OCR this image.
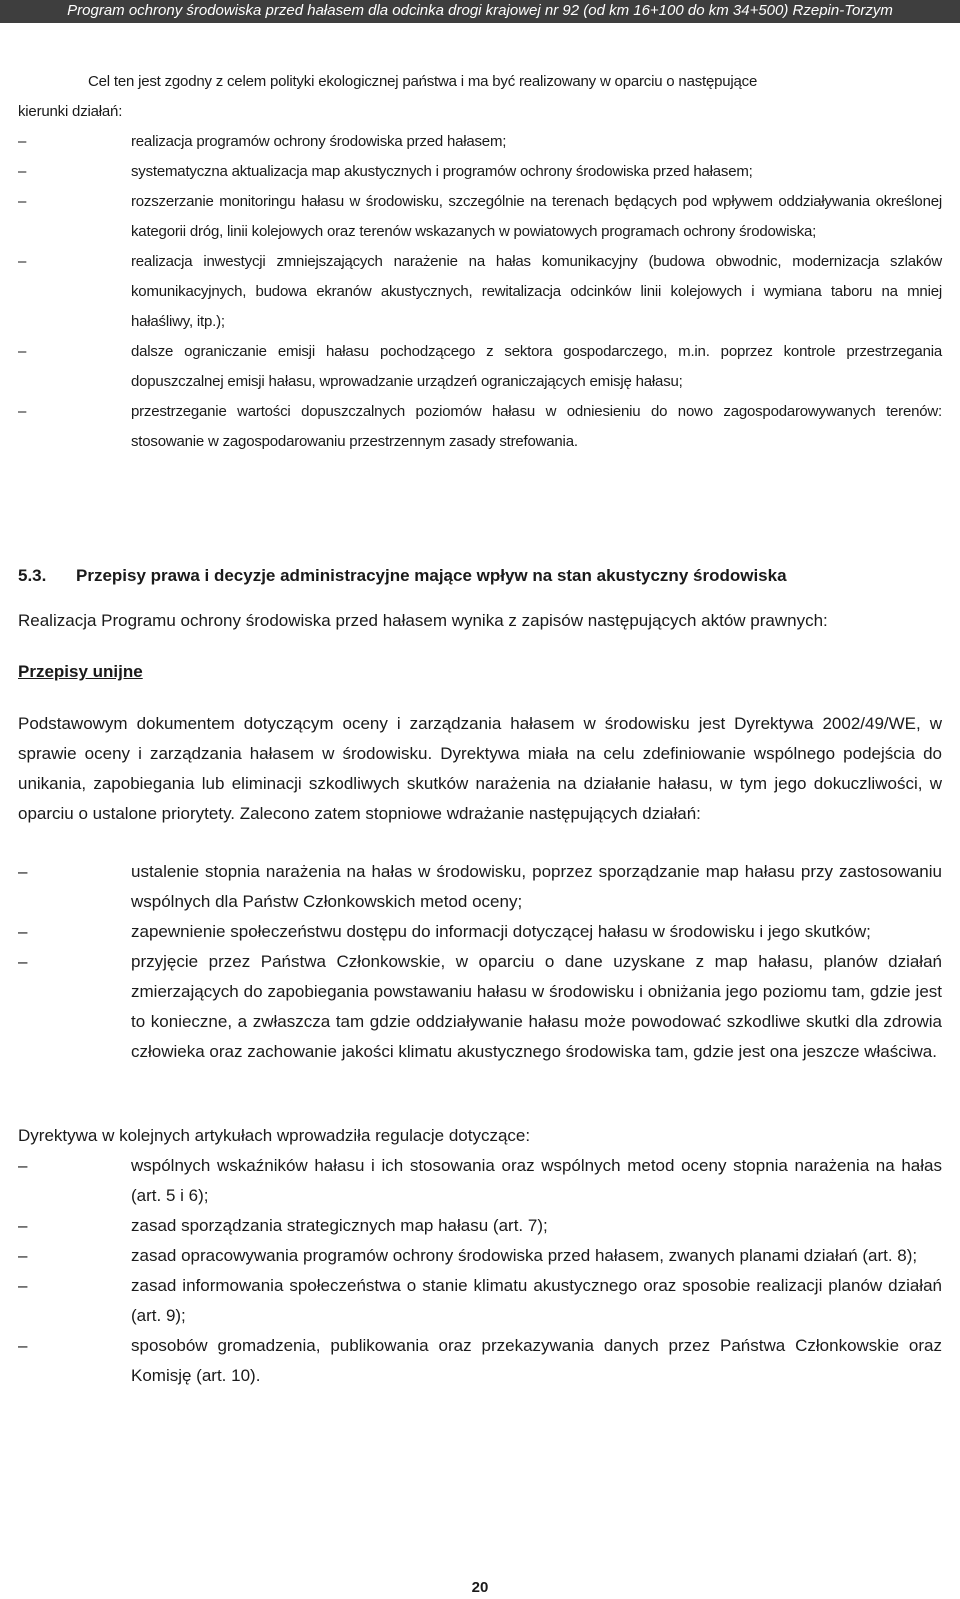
Program ochrony środowiska przed hałasem dla odcinka drogi krajowej nr 92 (od km 16+100 do km 34+500) Rzepin-Torzym
Cel ten jest zgodny z celem polityki ekologicznej państwa i ma być realizowany w oparciu o następujące
kierunki działań:
–	realizacja programów ochrony środowiska przed hałasem;
–	systematyczna aktualizacja map akustycznych i programów ochrony środowiska przed hałasem;
–	rozszerzanie monitoringu hałasu w środowisku, szczególnie na terenach będących pod wpływem oddziaływania określonej kategorii dróg, linii kolejowych oraz terenów wskazanych w powiatowych programach ochrony środowiska;
–	realizacja inwestycji zmniejszających narażenie na hałas komunikacyjny (budowa obwodnic, modernizacja szlaków komunikacyjnych, budowa ekranów akustycznych, rewitalizacja odcinków linii kolejowych i wymiana taboru na mniej hałaśliwy, itp.);
–	dalsze ograniczanie emisji hałasu pochodzącego z sektora gospodarczego, m.in. poprzez kontrole przestrzegania dopuszczalnej emisji hałasu, wprowadzanie urządzeń ograniczających emisję hałasu;
–	przestrzeganie wartości dopuszczalnych poziomów hałasu w odniesieniu do nowo zagospodarowywanych terenów: stosowanie w zagospodarowaniu przestrzennym zasady strefowania.
5.3. Przepisy prawa i decyzje administracyjne mające wpływ na stan akustyczny środowiska
Realizacja Programu ochrony środowiska przed hałasem wynika z zapisów następujących aktów prawnych:
Przepisy unijne
Podstawowym dokumentem dotyczącym oceny i zarządzania hałasem w środowisku jest Dyrektywa 2002/49/WE, w sprawie oceny i zarządzania hałasem w środowisku. Dyrektywa miała na celu zdefiniowanie wspólnego podejścia do unikania, zapobiegania lub eliminacji szkodliwych skutków narażenia na działanie hałasu, w tym jego dokuczliwości, w oparciu o ustalone priorytety. Zalecono zatem stopniowe wdrażanie następujących działań:
–	ustalenie stopnia narażenia na hałas w środowisku, poprzez sporządzanie map hałasu przy zastosowaniu wspólnych dla Państw Członkowskich metod oceny;
–	zapewnienie społeczeństwu dostępu do informacji dotyczącej hałasu w środowisku i jego skutków;
–	przyjęcie przez Państwa Członkowskie, w oparciu o dane uzyskane z map hałasu, planów działań zmierzających do zapobiegania powstawaniu hałasu w środowisku i obniżania jego poziomu tam, gdzie jest to konieczne, a zwłaszcza tam gdzie oddziaływanie hałasu może powodować szkodliwe skutki dla zdrowia człowieka oraz zachowanie jakości klimatu akustycznego środowiska tam, gdzie jest ona jeszcze właściwa.
Dyrektywa w kolejnych artykułach wprowadziła regulacje dotyczące:
–	wspólnych wskaźników hałasu i ich stosowania oraz wspólnych metod oceny stopnia narażenia na hałas (art. 5 i 6);
–	zasad sporządzania strategicznych map hałasu (art. 7);
–	zasad opracowywania programów ochrony środowiska przed hałasem, zwanych planami działań (art. 8);
–	zasad informowania społeczeństwa o stanie klimatu akustycznego oraz sposobie realizacji planów działań (art. 9);
–	sposobów gromadzenia, publikowania oraz przekazywania danych przez Państwa Członkowskie oraz Komisję (art. 10).
20
